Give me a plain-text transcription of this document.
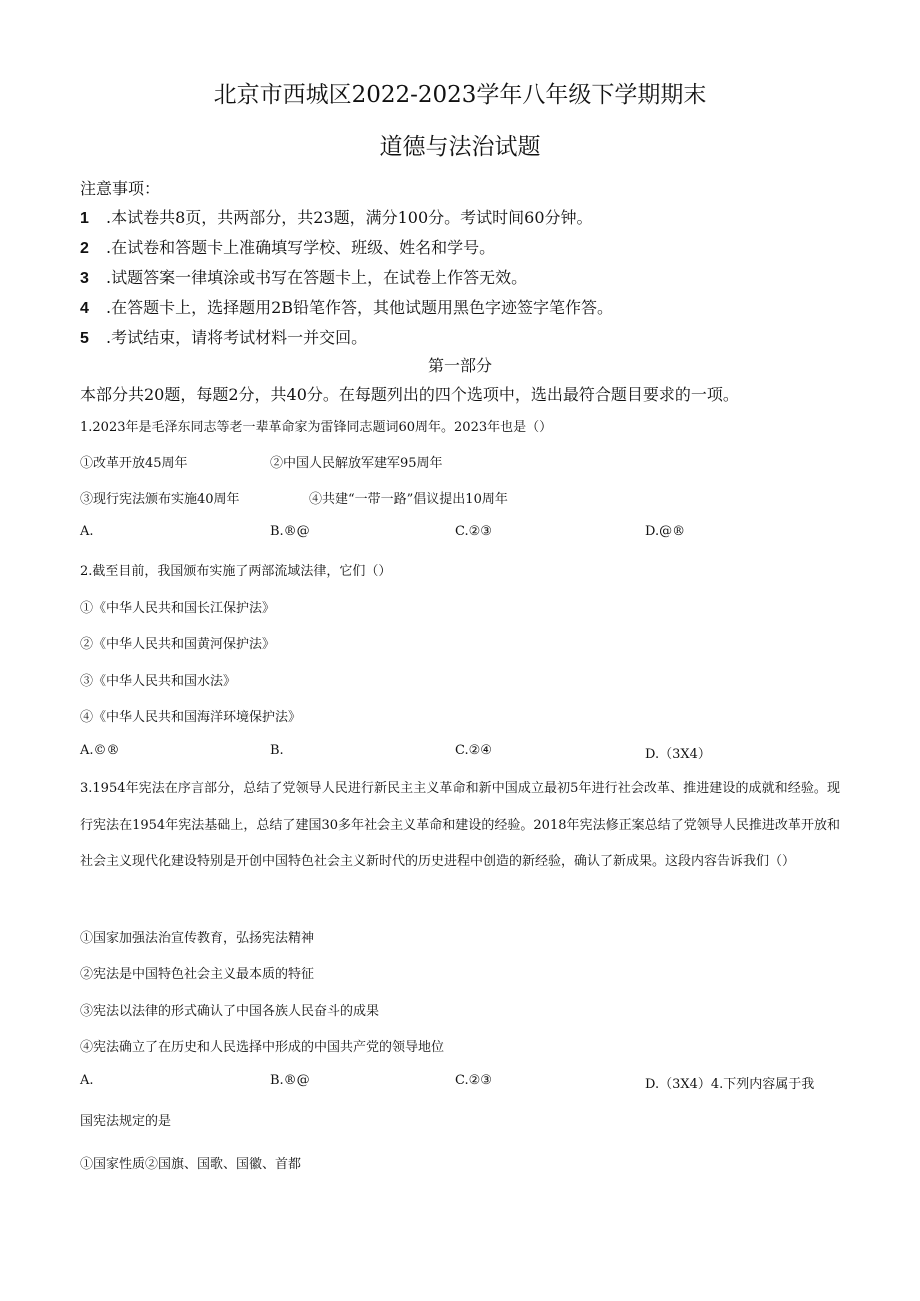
北京市西城区2022-2023学年八年级下学期期末
道德与法治试题
注意事项：
1 .本试卷共8页，共两部分，共23题，满分100分。考试时间60分钟。
2 .在试卷和答题卡上准确填写学校、班级、姓名和学号。
3 .试题答案一律填涂或书写在答题卡上，在试卷上作答无效。
4 .在答题卡上，选择题用2B铅笔作答，其他试题用黑色字迹签字笔作答。
5 .考试结束，请将考试材料一并交回。
第一部分
本部分共20题，每题2分，共40分。在每题列出的四个选项中，选出最符合题目要求的一项。
1.2023年是毛泽东同志等老一辈革命家为雷锋同志题词60周年。2023年也是（）
①改革开放45周年	②中国人民解放军建军95周年
③现行宪法颁布实施40周年	④共建“一带一路”倡议提出10周年
A.	B.®@	C.②③	D.@®
2.截至目前，我国颁布实施了两部流域法律，它们（）
①《中华人民共和国长江保护法》
②《中华人民共和国黄河保护法》
③《中华人民共和国水法》
④《中华人民共和国海洋环境保护法》
A.©®	B.	C.②④	D.（3X4）
3.1954年宪法在序言部分，总结了党领导人民进行新民主主义革命和新中国成立最初5年进行社会改革、推进建设的成就和经验。现行宪法在1954年宪法基础上，总结了建国30多年社会主义革命和建设的经验。2018年宪法修正案总结了党领导人民推进改革开放和社会主义现代化建设特别是开创中国特色社会主义新时代的历史进程中创造的新经验，确认了新成果。这段内容告诉我们（）
①国家加强法治宣传教育，弘扬宪法精神
②宪法是中国特色社会主义最本质的特征
③宪法以法律的形式确认了中国各族人民奋斗的成果
④宪法确立了在历史和人民选择中形成的中国共产党的领导地位
A.	B.®@	C.②③	D.（3X4）4.下列内容属于我
国宪法规定的是
①国家性质②国旗、国歌、国徽、首都
